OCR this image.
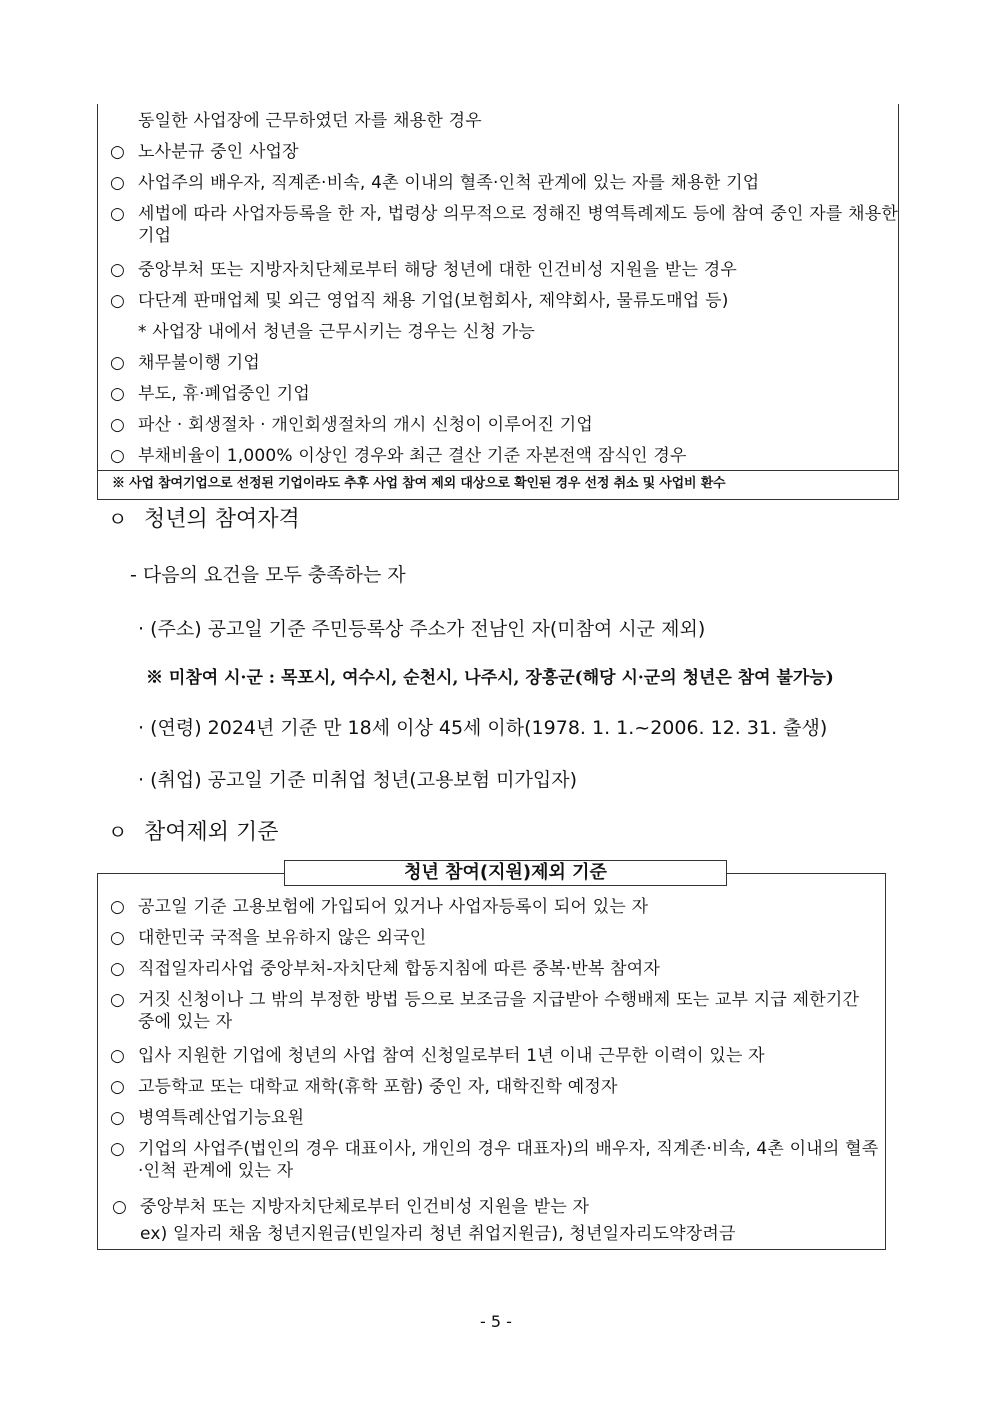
동일한 사업장에 근무하였던 자를 채용한 경우
○ 노사분규 중인 사업장
○ 사업주의 배우자, 직계존·비속, 4촌 이내의 혈족·인척 관계에 있는 자를 채용한 기업
○ 세법에 따라 사업자등록을 한 자, 법령상 의무적으로 정해진 병역특례제도 등에 참여 중인 자를 채용한 기업
○ 중앙부처 또는 지방자치단체로부터 해당 청년에 대한 인건비성 지원을 받는 경우
○ 다단계 판매업체 및 외근 영업직 채용 기업(보험회사, 제약회사, 물류도매업 등)
* 사업장 내에서 청년을 근무시키는 경우는 신청 가능
○ 채무불이행 기업
○ 부도, 휴·폐업중인 기업
○ 파산 · 회생절차 · 개인회생절차의 개시 신청이 이루어진 기업
○ 부채비율이 1,000% 이상인 경우와 최근 결산 기준 자본전액 잠식인 경우
※ 사업 참여기업으로 선정된 기업이라도 추후 사업 참여 제외 대상으로 확인된 경우 선정 취소 및 사업비 환수
ㅇ 청년의 참여자격
- 다음의 요건을 모두 충족하는 자
· (주소) 공고일 기준 주민등록상 주소가 전남인 자(미참여 시군 제외)
※ 미참여 시·군 : 목포시, 여수시, 순천시, 나주시, 장흥군(해당 시·군의 청년은 참여 불가능)
· (연령) 2024년 기준 만 18세 이상 45세 이하(1978. 1. 1.~2006. 12. 31. 출생)
· (취업) 공고일 기준 미취업 청년(고용보험 미가입자)
ㅇ 참여제외 기준
○ 공고일 기준 고용보험에 가입되어 있거나 사업자등록이 되어 있는 자
○ 대한민국 국적을 보유하지 않은 외국인
○ 직접일자리사업 중앙부처-자치단체 합동지침에 따른 중복·반복 참여자
○ 거짓 신청이나 그 밖의 부정한 방법 등으로 보조금을 지급받아 수행배제 또는 교부 지급 제한기간 중에 있는 자
○ 입사 지원한 기업에 청년의 사업 참여 신청일로부터 1년 이내 근무한 이력이 있는 자
○ 고등학교 또는 대학교 재학(휴학 포함) 중인 자, 대학진학 예정자
○ 병역특례산업기능요원
○ 기업의 사업주(법인의 경우 대표이사, 개인의 경우 대표자)의 배우자, 직계존·비속, 4촌 이내의 혈족·인척 관계에 있는 자
○ 중앙부처 또는 지방자치단체로부터 인건비성 지원을 받는 자
ex) 일자리 채움 청년지원금(빈일자리 청년 취업지원금), 청년일자리도약장려금
청년 참여(지원)제외 기준
- 5 -
